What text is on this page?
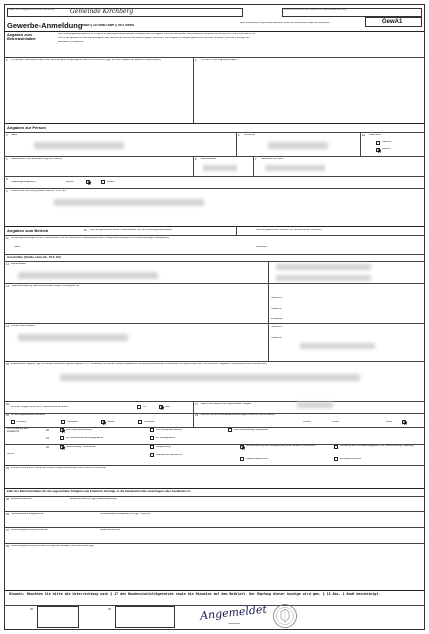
Name der entgegennehmenden Gemeinde	Gemeinde Kirchberg	Kennziffer/Kennzahl für Zwecke der Gewerbestatistik (GfU)
GewA1
Bitte vollständig und gut lesbar ausfüllen sowie die zutreffenden Kästchen ankreuzen
Gewerbe-Anmeldung nach § 14 GewO oder § 55 c GewO
Angaben zum Betriebsinhaber
Bei Personengesellschaften (z.B. OHG) ist für jeden geschäftsführenden Gesellschafter ein eigener Vordruck auszufüllen. Bei juristischen Personen ist bei Feld Nr. 3 bis 9 und Feld Nr. 30
und 31 der gesetzliche Vertreter anzugeben (bei inländischer AG wird auf diese Angaben verzichtet). Die Angaben für weitere gesetzliche Vertreter zu diesem Nummern sind ggf. auf
Beiblättern zu ergänzen.
1 Im Handels-, Genossenschafts- oder Vereinsregister eingetragener Name mit Rechtsform (ggf. bei GbR: Angabe der weiteren Gesellschafter)	2 Ort und Nr. des Registereintrages
Angaben zur Person
3 Name	4 Vornamen	4a Geschlecht
männlich
weiblich
5 Geburtsname (nur bei Abweichung vom Namen)	6 Geburtsdatum	7 Geburtsort und -land
8
Staatsangehörigkeit(en)	deutsch	andere:
9 Anschrift der Wohnung (Straße, Haus-Nr., PLZ, Ort)
Angaben zum Betrieb	10 Zahl der geschäftsführenden Gesellschafter (nur bei Personengesellschaften)	Zahl der gesetzlichen Vertreter (nur bei juristischen Personen)
11 Vertretungsberechtigte Person / Betriebsleiter (nur bei inländischen Aktiengesellschaften, Zweigniederlassungen und unselbstständigen Zweigstellen)
Name	Vornamen
Anschriften (Straße, Haus-Nr., PLZ, Ort)
12 Betriebsstätte
13 Hauptniederlassung (falls Betriebsstätte lediglich Zweigstelle ist)
Telefon-Nr.
Telefax-Nr.
e-mail/web
14 Frühere Betriebsstätte	Telefon-Nr.
Telefax-Nr.
15 Angemeldete Tätigkeit - ggf. ein Beiblatt verwenden (genau angeben: z.B. Herstellung von Möbeln, Elektroinstallationen und Elektroeinzelhandel, Großhandel mit Lebensmitteln usw., bei mehreren Tätigkeiten Schwerpunkt bitte unterstreichen)
16
Wird die Tätigkeit (vorerst) im Nebenerwerb betrieben?	Ja	Nein
17 Datum des Beginns der angemeldeten Tätigkeit
18 Art des angemeldeten Betriebes
Industrie	Handwerk	Handel	Sonstiges
19 Zahl der bei der Geschäftsaufnahme tätigen Personen (ohne Inhaber)
Vollzeit	Teilzeit	Keine
Die Anmeldung wird erstattet für	20	eine Hauptniederlassung	eine Zweigniederlassung	eine unselbständige Zweigstelle
21	ein Automatenaufstellungsgewerbe	ein Reisegewerbe
Grund
22	Neuerrichtung / Übernahme	Neugründung	Wiedereröffnung nach Verlegung aus einem anderen Meldebezirk	Gründung nach Umwandlungsgesetz (z.B. Verschmelzung, Spaltung)
Wechsel der Rechtsform
Gesellschaftereintritt	Erbfolge/Kauf/Pacht
23 Frühere Firmenname / Name der früheren Gewerbetreibenden oder früherer Firmenname
Falls der Betriebsinhaber für die angemeldete Tätigkeit eine Erlaubnis benötigt, in die Handwerksrolle einzutragen oder Ausländer ist:
25 Erlaubnis erteilt von	Erlaubnis erteilt von (ggf. Erlaubnisbehörde)
26 Handwerkskarte ausgestellt am	Handwerkskarte ausgestellt von (ggf. HWK-Art)
27 Aufenthaltsgenehmigung erteilt am	erteilende Behörde
28 Aufenthaltsgenehmigung enthält mit folgenden Auflagen oder Beschränkungen
Hinweis: Beachten Sie bitte die Unterrichtung nach § 17 des Bundesstatistikgesetzes sowie die Hinweise auf dem Beiblatt. Der Empfang dieser Anzeige wird gem. § 15 Abs. 1 GewO bescheinigt.
32	33	Angemeldet
Unterschrift
